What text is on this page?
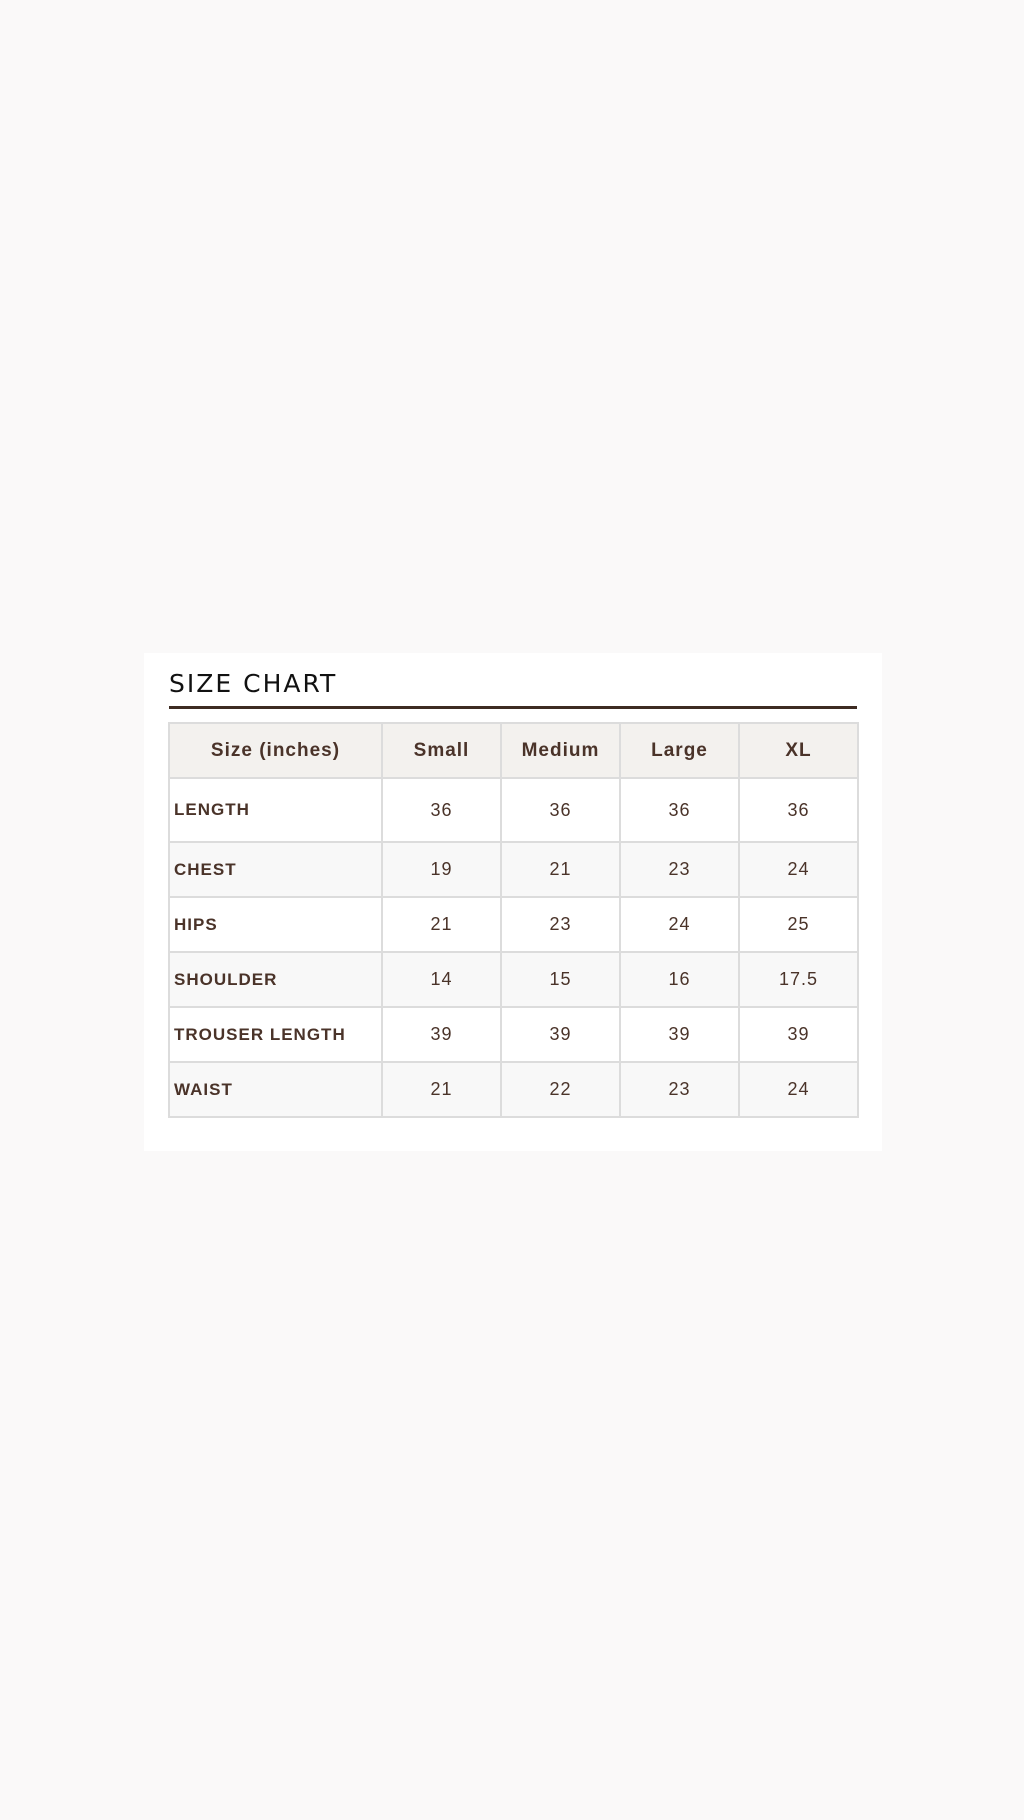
SIZE CHART
Size (inches)	Small	Medium	Large	XL
LENGTH	36	36	36	36
CHEST	19	21	23	24
HIPS	21	23	24	25
SHOULDER	14	15	16	17.5
TROUSER LENGTH	39	39	39	39
WAIST	21	22	23	24
